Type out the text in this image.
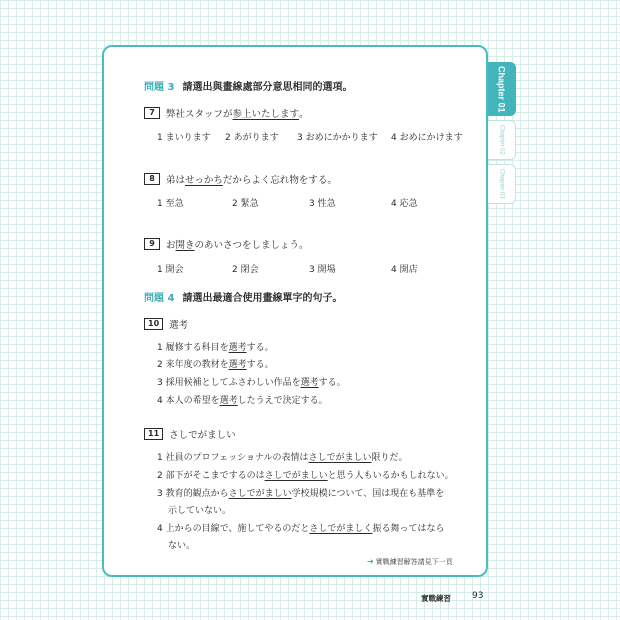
Chapter 01
Chapter 02
Chapter 03
問題 3 請選出與畫線處部分意思相同的選項。
7	弊社スタッフが 参上いたします 。
1 まいります 2 あがります 3 おめにかかります 4 おめにかけます
8	弟は せっかち だからよく忘れ物をする。
1 至急	2 緊急	3 性急	4 応急
9	お 開き のあいさつをしましょう。
1 開会	2 閉会	3 開場	4 開店
問題 4 請選出最適合使用畫線單字的句子。
10	選考
1 履修する科目を選考する。
2 来年度の教材を選考する。
3 採用候補としてふさわしい作品を選考する。
4 本人の希望を選考したうえで決定する。
11	さしでがましい
1 社員のプロフェッショナルの表情はさしでがましい限りだ。
2 部下がそこまでするのはさしでがましいと思う人もいるかもしれない。
3 教育的観点からさしでがましい学校規模について、国は現在も基準を
示していない。
4 上からの目線で、施してやるのだとさしでがましく振る舞ってはなら
ない。
➜ 實戰練習解答請見下一頁
實戰練習 93
